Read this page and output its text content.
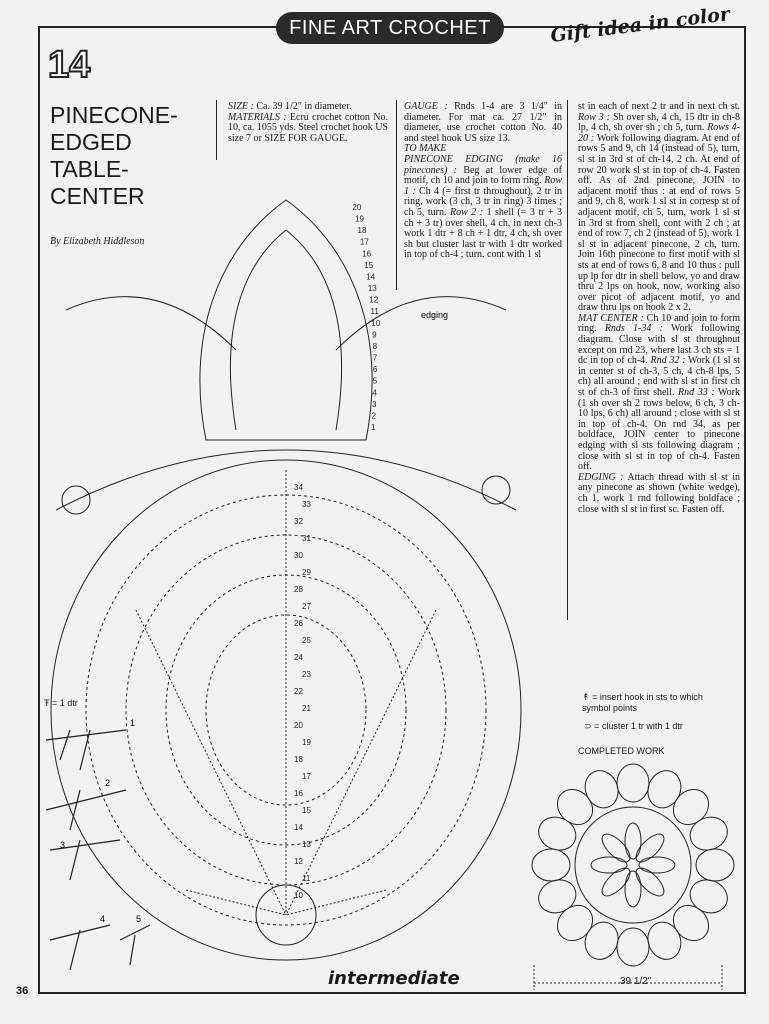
FINE ART CROCHET	Gift idea in color
14
PINECONE-
EDGED
TABLE-
CENTER
By Elizabeth Hiddleson

SIZE : Ca. 39 1/2" in diameter.

MATERIALS : Ecru crochet cotton No. 10, ca. 1055 yds. Steel crochet hook US size 7 or SIZE FOR GAUGE.

GAUGE : Rnds 1-4 are 3 1/4" in diameter. For mat ca. 27 1/2" in diameter, use crochet cotton No. 40 and steel hook US size 13.

TO MAKE

PINECONE EDGING (make 16 pinecones) : Beg at lower edge of motif, ch 10 and join to form ring. Row 1 : Ch 4 (= first tr throughout), 2 tr in ring, work (3 ch, 3 tr in ring) 3 times ; ch 5, turn. Row 2 : 1 shell (= 3 tr + 3 ch + 3 tr) over shell, 4 ch, in next ch-3 work 1 dtr + 8 ch + 1 dtr, 4 ch, sh over sh but cluster last tr with 1 dtr worked in top of ch-4 ; turn. cont with 1 sl

st in each of next 2 tr and in next ch st. Row 3 : Sh over sh, 4 ch, 15 dtr in ch-8 lp, 4 ch, sh over sh ; ch 5, turn. Rows 4-20 : Work following diagram. At end of rows 5 and 9, ch 14 (instead of 5), turn, sl st in 3rd st of ch-14, 2 ch. At end of row 20 work sl st in top of ch-4. Fasten off. As of 2nd pinecone, JOIN to adjacent motif thus : at end of rows 5 and 9, ch 8, work 1 sl st in corresp st of adjacent motif, ch 5, turn, work 1 sl st in 3rd st from shell, cont with 2 ch ; at end of row 7, ch 2 (instead of 5), work 1 sl st in adjacent pinecone, 2 ch, turn. Join 16th pinecone to first motif with sl sts at end of rows 6, 8 and 10 thus : pull up lp for dtr in shell below, yo and draw thru 2 lps on hook, now, working also over picot of adjacent motif, yo and draw thru lps on hook 2 x 2.

MAT CENTER : Ch 10 and join to form ring. Rnds 1-34 : Work following diagram. Close with sl st throughout except on rnd 23, where last 3 ch sts = 1 dc in top of ch-4. Rnd 32 : Work (1 sl st in center st of ch-3, 5 ch, 4 ch-8 lps, 5 ch) all around ; end with sl st in first ch st of ch-3 of first shell. Rnd 33 : Work (1 sh over sh 2 rows below, 6 ch, 3 ch-10 lps, 6 ch) all around ; close with sl st in top of ch-4. On rnd 34, as per boldface, JOIN center to pinecone edging with sl sts following diagram ; close with sl st in top of ch-4. Fasten off.

EDGING : Attach thread with sl st in any pinecone as shown (white wedge), ch 1, work 1 rnd following boldface ; close with sl st in first sc. Fasten off.

edging
1
2
3
4
5
6
7
8
9
10
11
12
13
14
15
16
17
18
19
20
34
33
32
31
30
29
28
27
26
25
24
23
22
21
20
19
18
17
16
15
14
13
12
11
10
1
2
3
4	5
Ŧ = 1 dtr
↟ = insert hook in sts to which symbol points
⊃ = cluster 1 tr with 1 dtr
COMPLETED WORK
39 1/2"
intermediate
36
